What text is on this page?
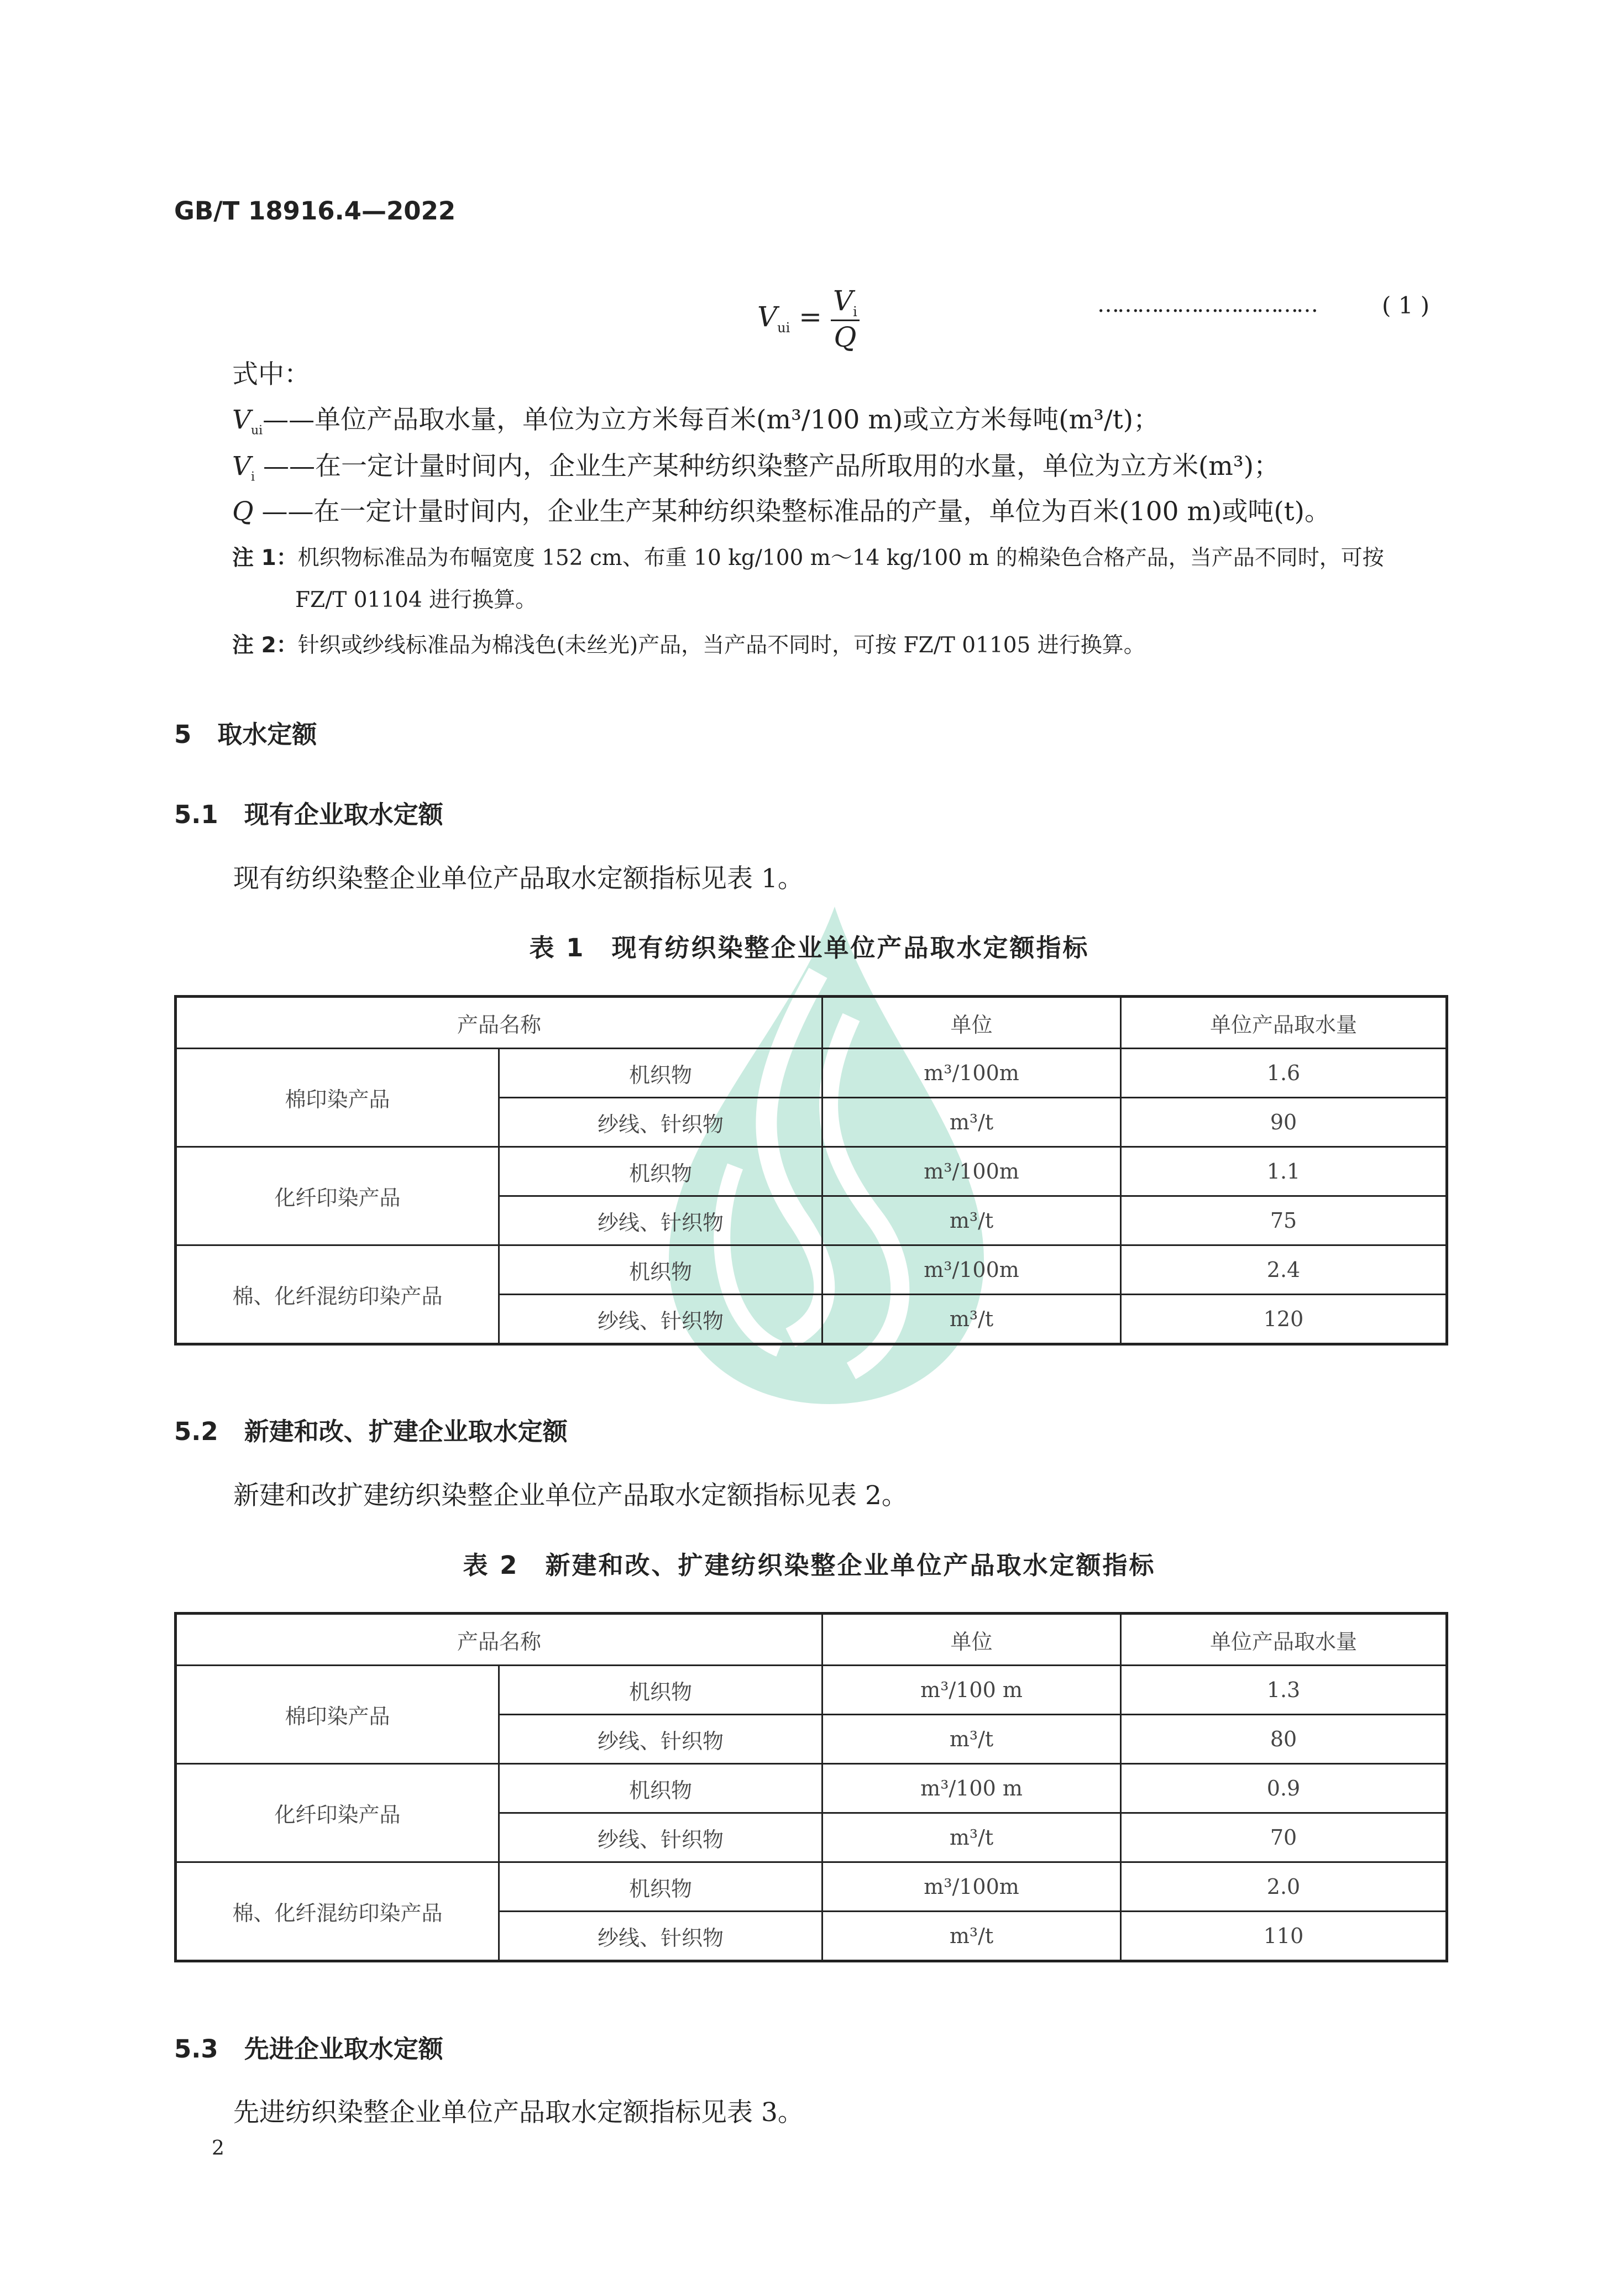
GB/T 18916.4—2022
$V_{ui} = \frac{V_i}{Q}$	……………………………	( 1 )
式中：
$V_{ui}——$单位产品取水量，单位为立方米每百米(m³/100 m)或立方米每吨(m³/t)；
$V_i$ ——在一定计量时间内，企业生产某种纺织染整产品所取用的水量，单位为立方米(m³)；
Q ——在一定计量时间内，企业生产某种纺织染整标准品的产量，单位为百米(100 m)或吨(t)。
注 1：机织物标准品为布幅宽度 152 cm、布重 10 kg/100 m～14 kg/100 m 的棉染色合格产品，当产品不同时，可按
FZ/T 01104 进行换算。
注 2：针织或纱线标准品为棉浅色(未丝光)产品，当产品不同时，可按 FZ/T 01105 进行换算。
5 取水定额
5.1 现有企业取水定额
现有纺织染整企业单位产品取水定额指标见表 1。
表 1　现有纺织染整企业单位产品取水定额指标
产品名称		单位	单位产品取水量
棉印染产品	机织物	m³/100m	1.6
	纱线、针织物	m³/t	90
化纤印染产品	机织物	m³/100m	1.1
	纱线、针织物	m³/t	75
棉、化纤混纺印染产品	机织物	m³/100m	2.4
	纱线、针织物	m³/t	120
5.2 新建和改、扩建企业取水定额
新建和改扩建纺织染整企业单位产品取水定额指标见表 2。
表 2　新建和改、扩建纺织染整企业单位产品取水定额指标
产品名称		单位	单位产品取水量
棉印染产品	机织物	m³/100 m	1.3
	纱线、针织物	m³/t	80
化纤印染产品	机织物	m³/100 m	0.9
	纱线、针织物	m³/t	70
棉、化纤混纺印染产品	机织物	m³/100m	2.0
	纱线、针织物	m³/t	110
5.3 先进企业取水定额
先进纺织染整企业单位产品取水定额指标见表 3。
2
